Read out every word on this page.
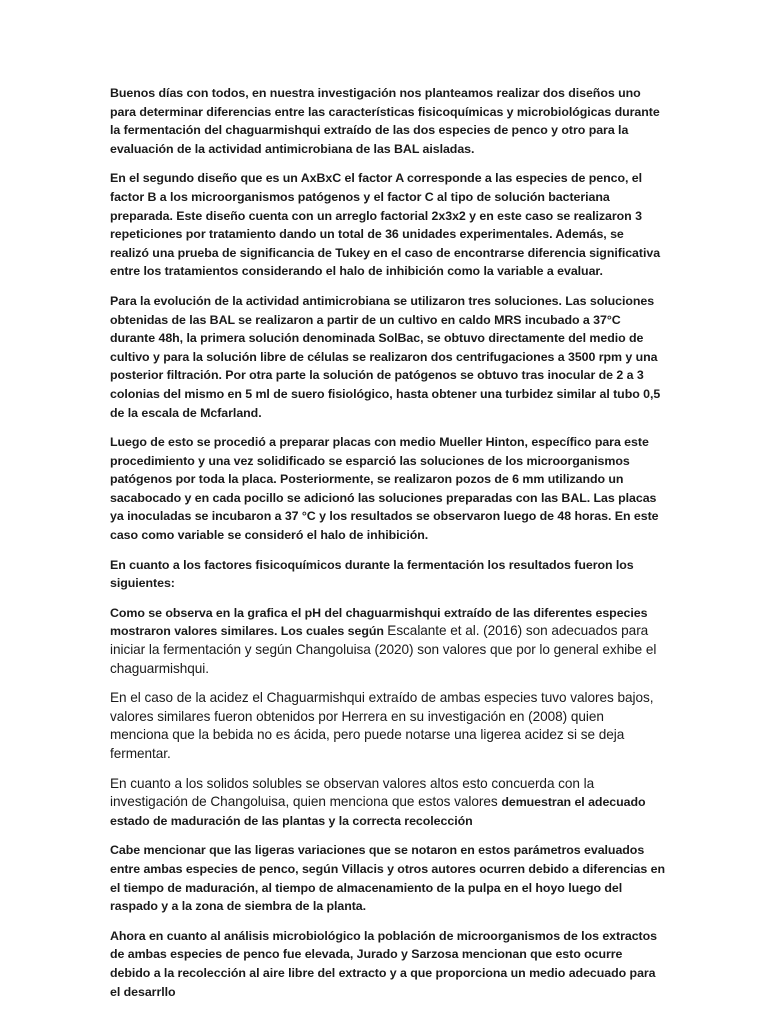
Buenos días con todos, en nuestra investigación nos planteamos realizar dos diseños uno para determinar diferencias entre las características fisicoquímicas y microbiológicas durante la fermentación del chaguarmishqui extraído de las dos especies de penco y otro para la evaluación de la actividad antimicrobiana de las BAL aisladas.

En el segundo diseño que es un AxBxC el factor A corresponde a las especies de penco, el factor B a los microorganismos patógenos y el factor C al tipo de solución bacteriana preparada. Este diseño cuenta con un arreglo factorial 2x3x2 y en este caso se realizaron 3 repeticiones por tratamiento dando un total de 36 unidades experimentales. Además, se realizó una prueba de significancia de Tukey en el caso de encontrarse diferencia significativa entre los tratamientos considerando el halo de inhibición como la variable a evaluar.

Para la evolución de la actividad antimicrobiana se utilizaron tres soluciones. Las soluciones obtenidas de las BAL se realizaron a partir de un cultivo en caldo MRS incubado a 37°C durante 48h, la primera solución denominada SolBac, se obtuvo directamente del medio de cultivo y para la solución libre de células se realizaron dos centrifugaciones a 3500 rpm y una posterior filtración. Por otra parte la solución de patógenos se obtuvo tras inocular de 2 a 3 colonias del mismo en 5 ml de suero fisiológico, hasta obtener una turbidez similar al tubo 0,5 de la escala de Mcfarland.

Luego de esto se procedió a preparar placas con medio Mueller Hinton, específico para este procedimiento y una vez solidificado se esparció las soluciones de los microorganismos patógenos por toda la placa. Posteriormente, se realizaron pozos de 6 mm utilizando un sacabocado y en cada pocillo se adicionó las soluciones preparadas con las BAL. Las placas ya inoculadas se incubaron a 37 °C y los resultados se observaron luego de 48 horas. En este caso como variable se consideró el halo de inhibición.

En cuanto a los factores fisicoquímicos durante la fermentación los resultados fueron los siguientes:

Como se observa en la grafica el pH del chaguarmishqui extraído de las diferentes especies mostraron valores similares. Los cuales según Escalante et al. (2016) son adecuados para iniciar la fermentación y según Changoluisa (2020) son valores que por lo general exhibe el chaguarmishqui.

En el caso de la acidez el Chaguarmishqui extraído de ambas especies tuvo valores bajos, valores similares fueron obtenidos por Herrera en su investigación en (2008) quien menciona que la bebida no es ácida, pero puede notarse una ligerea acidez si se deja fermentar.

En cuanto a los solidos solubles se observan valores altos esto concuerda con la investigación de Changoluisa, quien menciona que estos valores demuestran el adecuado estado de maduración de las plantas y la correcta recolección

Cabe mencionar que las ligeras variaciones que se notaron en estos parámetros evaluados entre ambas especies de penco, según Villacis y otros autores ocurren debido a diferencias en el tiempo de maduración, al tiempo de almacenamiento de la pulpa en el hoyo luego del raspado y a la zona de siembra de la planta.

Ahora en cuanto al análisis microbiológico la población de microorganismos de los extractos de ambas especies de penco fue elevada, Jurado y Sarzosa mencionan que esto ocurre debido a la recolección al aire libre del extracto y a que proporciona un medio adecuado para el desarrllo
